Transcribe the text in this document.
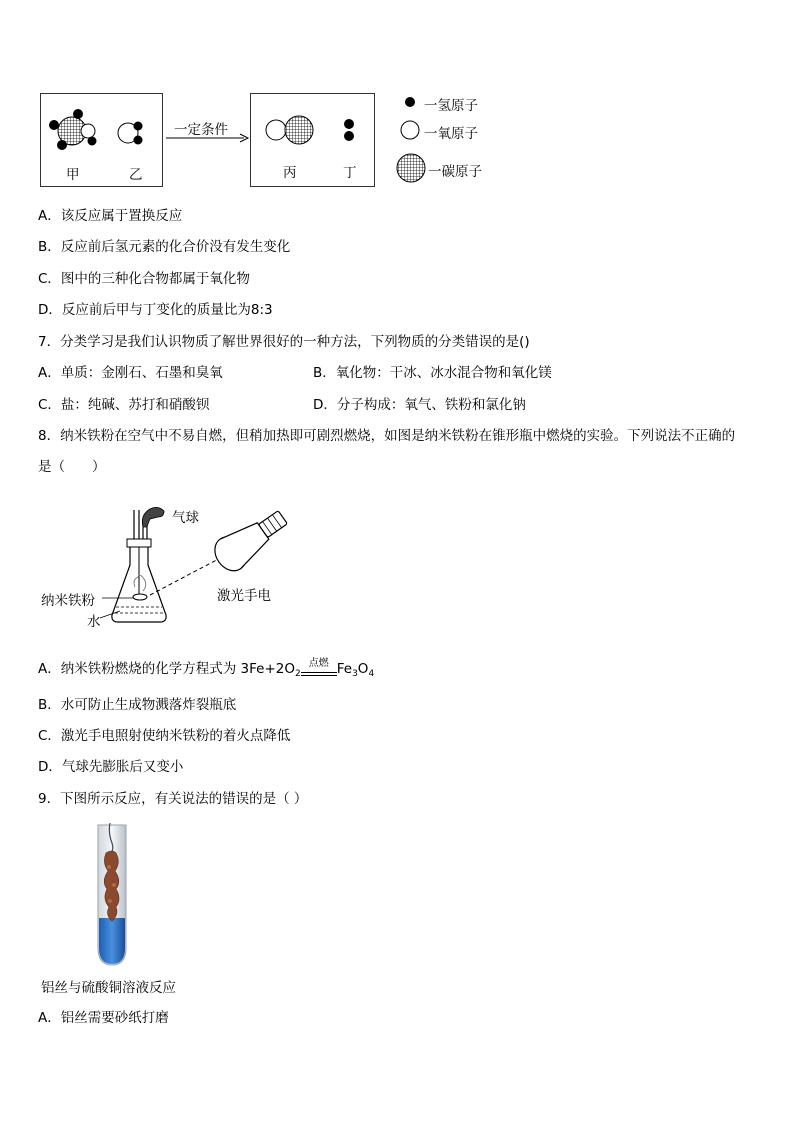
甲	乙
一定条件
丙	丁
一氢原子
一氧原子
一碳原子
A．该反应属于置换反应
B．反应前后氢元素的化合价没有发生变化
C．图中的三种化合物都属于氧化物
D．反应前后甲与丁变化的质量比为8:3
7．分类学习是我们认识物质了解世界很好的一种方法，下列物质的分类错误的是()
A．单质：金刚石、石墨和臭氧	B．氧化物：干冰、冰水混合物和氧化镁
C．盐：纯碱、苏打和硝酸钡	D．分子构成：氧气、铁粉和氯化钠
8．纳米铁粉在空气中不易自燃，但稍加热即可剧烈燃烧，如图是纳米铁粉在锥形瓶中燃烧的实验。下列说法不正确的
是（　　）
气球
激光手电
纳米铁粉
水
A．纳米铁粉燃烧的化学方程式为 $3Fe+2O_2^{点燃}$ $Fe_3O_4$
B．水可防止生成物溅落炸裂瓶底
C．激光手电照射使纳米铁粉的着火点降低
D．气球先膨胀后又变小
9．下图所示反应，有关说法的错误的是（ ）
铝丝与硫酸铜溶液反应
A．铝丝需要砂纸打磨
